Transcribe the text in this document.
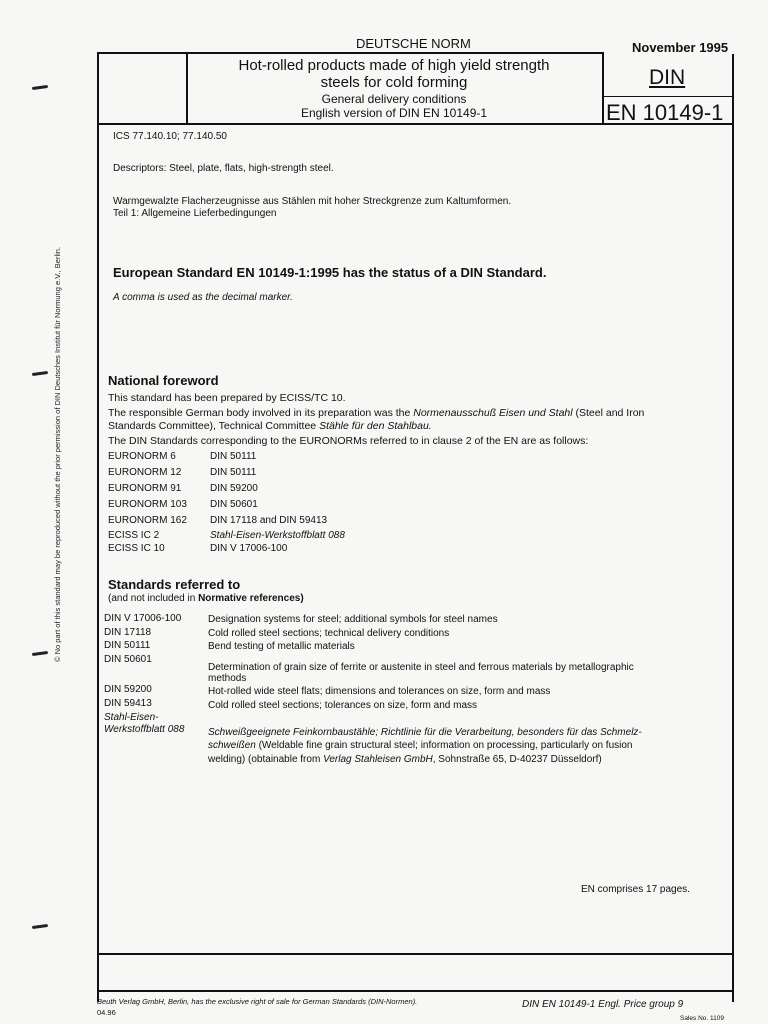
© No part of this standard may be reproduced without the prior permission of DIN Deutsches Institut für Normung e.V., Berlin.
DEUTSCHE NORM	November 1995
Hot-rolled products made of high yield strength
steels for cold forming
General delivery conditions
English version of DIN EN 10149-1
DIN
EN 10149-1
ICS 77.140.10; 77.140.50
Descriptors: Steel, plate, flats, high-strength steel.
Warmgewalzte Flacherzeugnisse aus Stählen mit hoher Streckgrenze zum Kaltumformen.
Teil 1: Allgemeine Lieferbedingungen
European Standard EN 10149-1:1995 has the status of a DIN Standard.
A comma is used as the decimal marker.
National foreword
This standard has been prepared by ECISS/TC 10.
The responsible German body involved in its preparation was the Normenausschuß Eisen und Stahl (Steel and Iron
Standards Committee), Technical Committee Stähle für den Stahlbau.
The DIN Standards corresponding to the EURONORMs referred to in clause 2 of the EN are as follows:
EURONORM 6	DIN 50111
EURONORM 12	DIN 50111
EURONORM 91	DIN 59200
EURONORM 103 DIN 50601
EURONORM 162 DIN 17118 and DIN 59413
ECISS IC 2	Stahl-Eisen-Werkstoffblatt 088
ECISS IC 10	DIN V 17006-100
Standards referred to
(and not included in Normative references)
DIN V 17006-100	Designation systems for steel; additional symbols for steel names
DIN 17118	Cold rolled steel sections; technical delivery conditions
DIN 50111	Bend testing of metallic materials
DIN 50601
Determination of grain size of ferrite or austenite in steel and ferrous materials by metallographic
methods
DIN 59200	Hot-rolled wide steel flats; dimensions and tolerances on size, form and mass
DIN 59413	Cold rolled steel sections; tolerances on size, form and mass
Stahl-Eisen-
Werkstoffblatt 088 Schweißgeeignete Feinkornbaustähle; Richtlinie für die Verarbeitung, besonders für das Schmelz-
schweißen (Weldable fine grain structural steel; information on processing, particularly on fusion
welding) (obtainable from Verlag Stahleisen GmbH, Sohnstraße 65, D-40237 Düsseldorf)
EN comprises 17 pages.
Beuth Verlag GmbH, Berlin, has the exclusive right of sale for German Standards (DIN-Normen).
04.96
DIN EN 10149-1 Engl. Price group 9
Sales No. 1109
